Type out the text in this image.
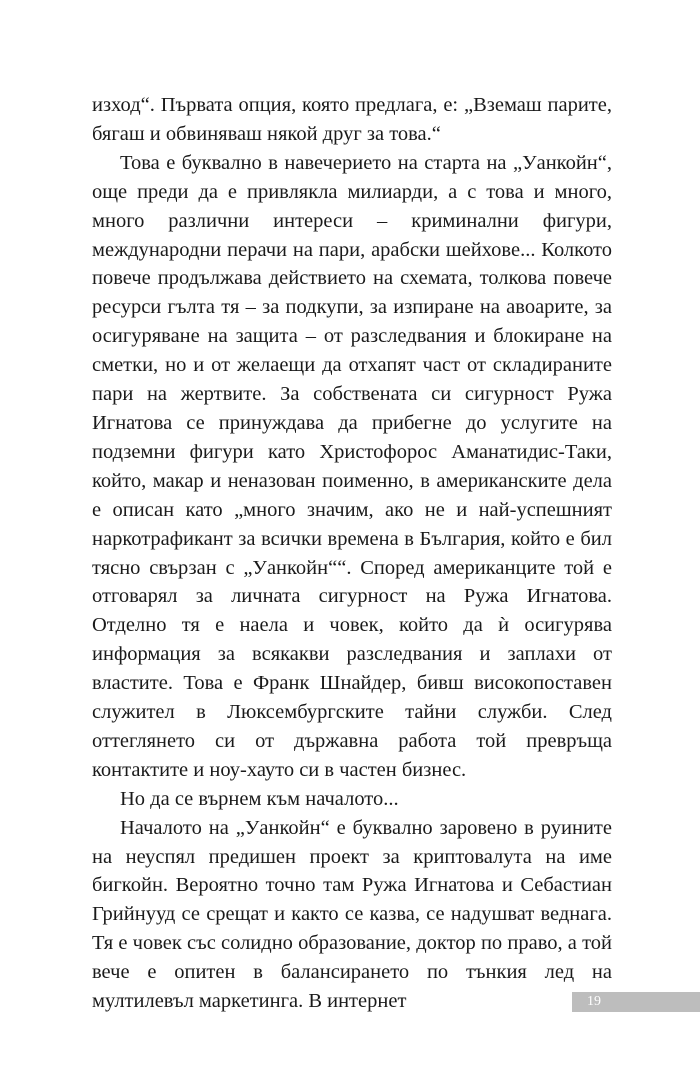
изход“. Първата опция, която предлага, е: „Вземаш парите, бягаш и обвиняваш някой друг за това.“

Това е буквално в навечерието на старта на „Уанкойн“, още преди да е привлякла милиарди, а с това и много, много различни интереси – криминални фигури, международни перачи на пари, арабски шейхове... Колкото повече продължава действието на схемата, толкова повече ресурси гълта тя – за подкупи, за изпиране на авоарите, за осигуряване на защита – от разследвания и блокиране на сметки, но и от желаещи да отхапят част от складираните пари на жертвите. За собствената си сигурност Ружа Игнатова се принуждава да прибегне до услугите на подземни фигури като Христофорос Аманатидис-Таки, който, макар и неназован поименно, в американските дела е описан като „много значим, ако не и най-успешният наркотрафикант за всички времена в България, който е бил тясно свързан с „Уанкойн““. Според американците той е отговарял за личната сигурност на Ружа Игнатова. Отделно тя е наела и човек, който да ѝ осигурява информация за всякакви разследвания и заплахи от властите. Това е Франк Шнайдер, бивш високопоставен служител в Люксембургските тайни служби. След оттеглянето си от държавна работа той превръща контактите и ноу-хауто си в частен бизнес.

Но да се върнем към началото...

Началото на „Уанкойн“ е буквално заровено в руините на неуспял предишен проект за криптовалута на име бигкойн. Вероятно точно там Ружа Игнатова и Себастиан Грийнууд се срещат и както се казва, се надушват веднага. Тя е човек със солидно образование, доктор по право, а той вече е опитен в балансирането по тънкия лед на мултилевъл маркетинга. В интернет	19
